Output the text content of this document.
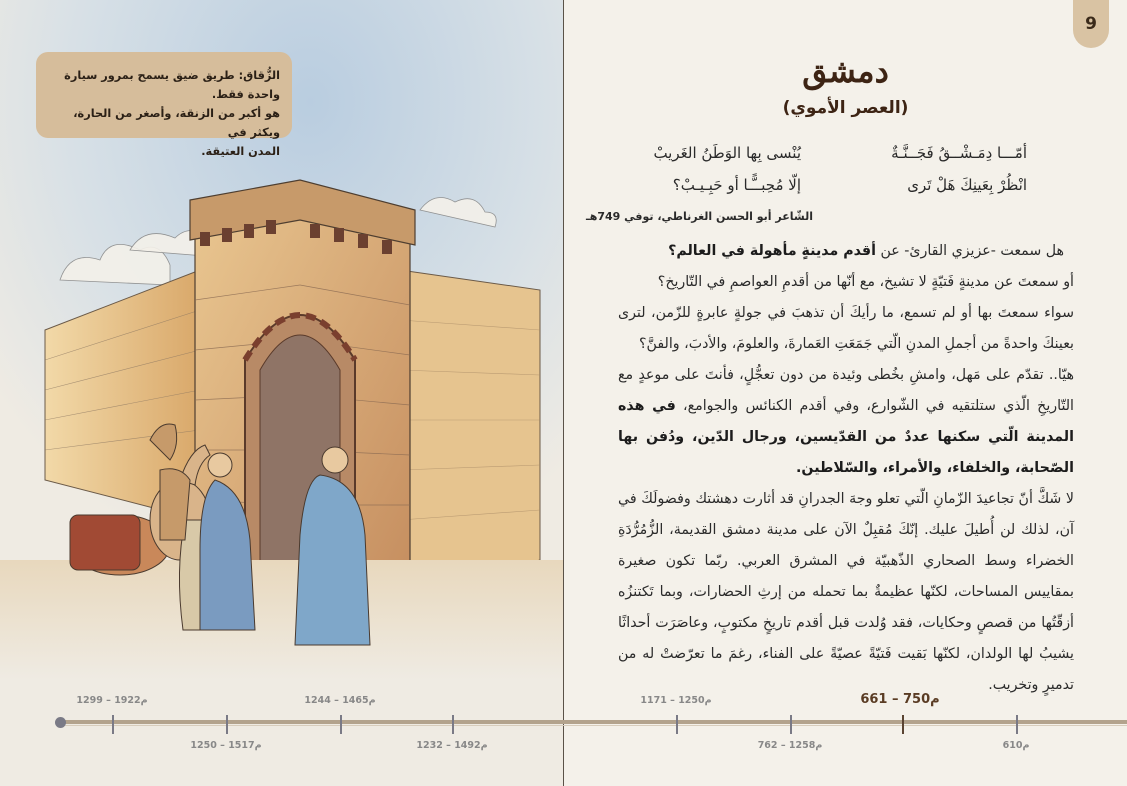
الزُّقاق: طريق ضيق يسمح بمرور سيارة واحدة فقط.
هو أكبر من الزنقة، وأصغر من الحارة، ويكثر في
المدن العتيقة.
9
دمشق
(العصر الأموي)
أمّـــا دِمَـشْــقُ فَجَــنَّـةٌ
يُنْسى بِها الوَطَنُ الغَريبْ
انْظُرْ بِعَينِكَ هَلْ تَرى
إلّا مُحِبــًّـا أو حَبِـيـبْ؟
الشّاعر أبو الحسن الغرناطي، توفي 749هـ

هل سمعت -عزيزي القارئ- عن أقدم مدينةٍ مأهولة في العالم؟

أو سمعتَ عن مدينةٍ فَتيّةٍ لا تشيخ، مع أنّها من أقدمِ العواصمِ في التّاريخ؟

سواء سمعتَ بها أو لم تسمع، ما رأيكَ أن تذهبَ في جولةٍ عابرةٍ للزّمن، لترى بعينكَ واحدةً من أجملِ المدنِ الّتي جَمَعَتِ العَمارةَ، والعلومَ، والأدبَ، والفنَّ؟

هيّا.. تقدّم على مَهل، وامشِ بخُطى وئيدة من دون تعجُّلٍ، فأنتَ على موعدٍ مع التّاريخِ الّذي ستلتقيه في الشّوارع، وفي أقدم الكنائس والجوامع، في هذه المدينة الّتي سكنها عددٌ من القدّيسين، ورجال الدّين، ودُفن بها الصّحابة، والخلفاء، والأمراء، والسّلاطين.

لا شَكَّ أنّ تجاعيدَ الزّمانِ الّتي تعلو وجهَ الجدرانِ قد أثارت دهشتك وفضولَكَ في آن، لذلك لن أُطيلَ عليك. إنّكَ مُقبِلٌ الآن على مدينة دمشق القديمة، الزُّمُرُّدَةِ الخضراء وسط الصحاري الذّهبيّة في المشرق العربي. ربّما تكون صغيرة بمقاييس المساحات، لكنّها عظيمةٌ بما تحمله من إرثِ الحضارات، وبما تَكتنزُه أزقّتُها من قصصٍ وحكايات، فقد وُلدت قبل أقدم تاريخٍ مكتوبٍ، وعاصَرَت أحداثًا يشيبُ لها الولدان، لكنّها بَقيت فَتيّةً عصيّةً على الفناء، رغمَ ما تعرّضتْ له من تدميرٍ وتخريب.

1299 – 1922م
1250 – 1517م
1244 – 1465م
1232 – 1492م
1171 – 1250م
762 – 1258م
661 – 750م
610م
